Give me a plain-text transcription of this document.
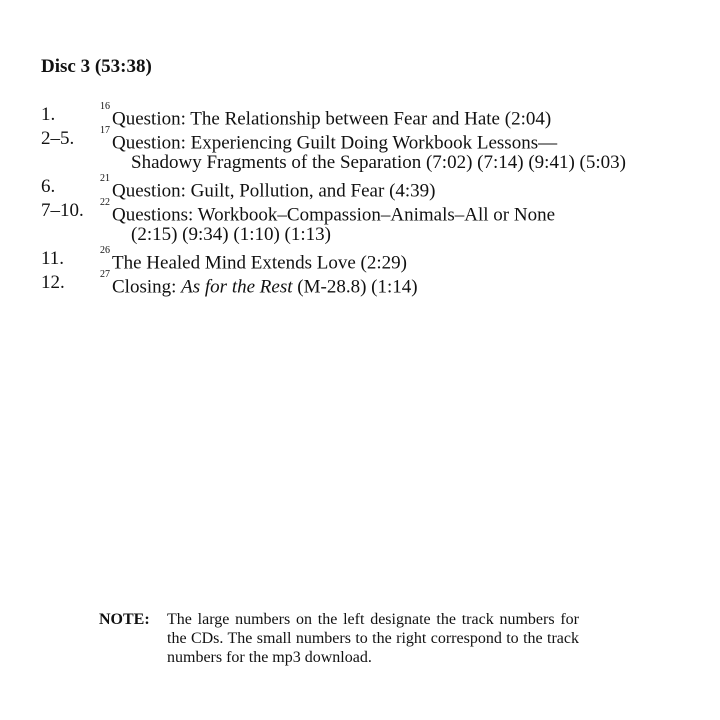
Disc 3 (53:38)
1.	$^{16}$Question: The Relationship between Fear and Hate (2:04)
2–5.	$^{17}$Question: Experiencing Guilt Doing Workbook Lessons—
Shadowy Fragments of the Separation (7:02) (7:14) (9:41) (5:03)
6.	$^{21}$Question: Guilt, Pollution, and Fear (4:39)
7–10. $^{22}$Questions: Workbook–Compassion–Animals–All or None
(2:15) (9:34) (1:10) (1:13)
11.	$^{26}$The Healed Mind Extends Love (2:29)
12.	$^{27}$Closing: As for the Rest (M-28.8) (1:14)
NOTE: The large numbers on the left designate the track numbers for the CDs. The small numbers to the right correspond to the track numbers for the mp3 download.
